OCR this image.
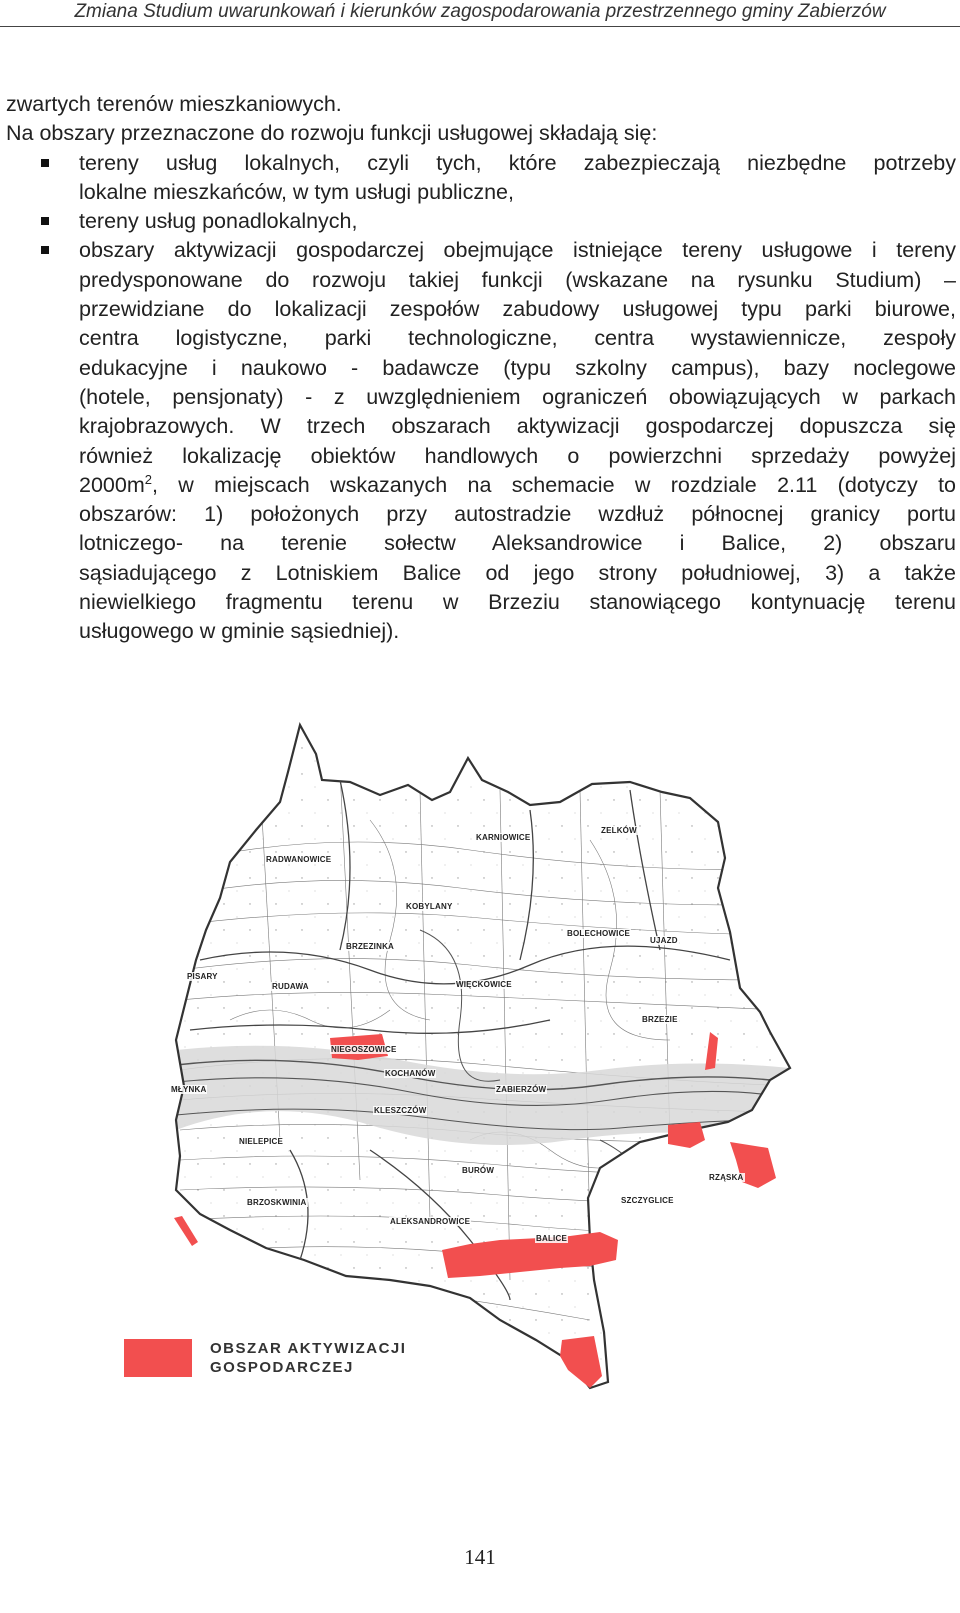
Zmiana Studium uwarunkowań i kierunków zagospodarowania przestrzennego gminy Zabierzów
zwartych terenów mieszkaniowych.
Na obszary przeznaczone do rozwoju funkcji usługowej składają się:
tereny usług lokalnych, czyli tych, które zabezpieczają niezbędne potrzeby
lokalne mieszkańców, w tym usługi publiczne,
tereny usług ponadlokalnych,
obszary aktywizacji gospodarczej obejmujące istniejące tereny usługowe i tereny
predysponowane do rozwoju takiej funkcji (wskazane na rysunku Studium) –
przewidziane do lokalizacji zespołów zabudowy usługowej typu parki biurowe,
centra logistyczne, parki technologiczne, centra wystawiennicze, zespoły
edukacyjne i naukowo - badawcze (typu szkolny campus), bazy noclegowe
(hotele, pensjonaty) - z uwzględnieniem ograniczeń obowiązujących w parkach
krajobrazowych. W trzech obszarach aktywizacji gospodarczej dopuszcza się
również lokalizację obiektów handlowych o powierzchni sprzedaży powyżej
$2000m^2$, w miejscach wskazanych na schemacie w rozdziale 2.11 (dotyczy to
obszarów: 1) położonych przy autostradzie wzdłuż północnej granicy portu
lotniczego- na terenie sołectw Aleksandrowice i Balice, 2) obszaru
sąsiadującego z Lotniskiem Balice od jego strony południowej, 3) a także
niewielkiego fragmentu terenu w Brzeziu stanowiącego kontynuację terenu
usługowego w gminie sąsiedniej).
RADWANOWICE
KARNIOWICE
ZELKÓW
KOBYLANY
BRZEZINKA
BOLECHOWICE
UJAZD
PISARY
RUDAWA	WIĘCKOWICE
BRZEZIE
NIEGOSZOWICE
KOCHANÓW
MŁYNKA	ZABIERZÓW
KLESZCZÓW
NIELEPICE
BURÓW
RZĄSKA
BRZOSKWINIA	SZCZYGLICE
ALEKSANDROWICE
BALICE
OBSZAR AKTYWIZACJI
GOSPODARCZEJ
141
